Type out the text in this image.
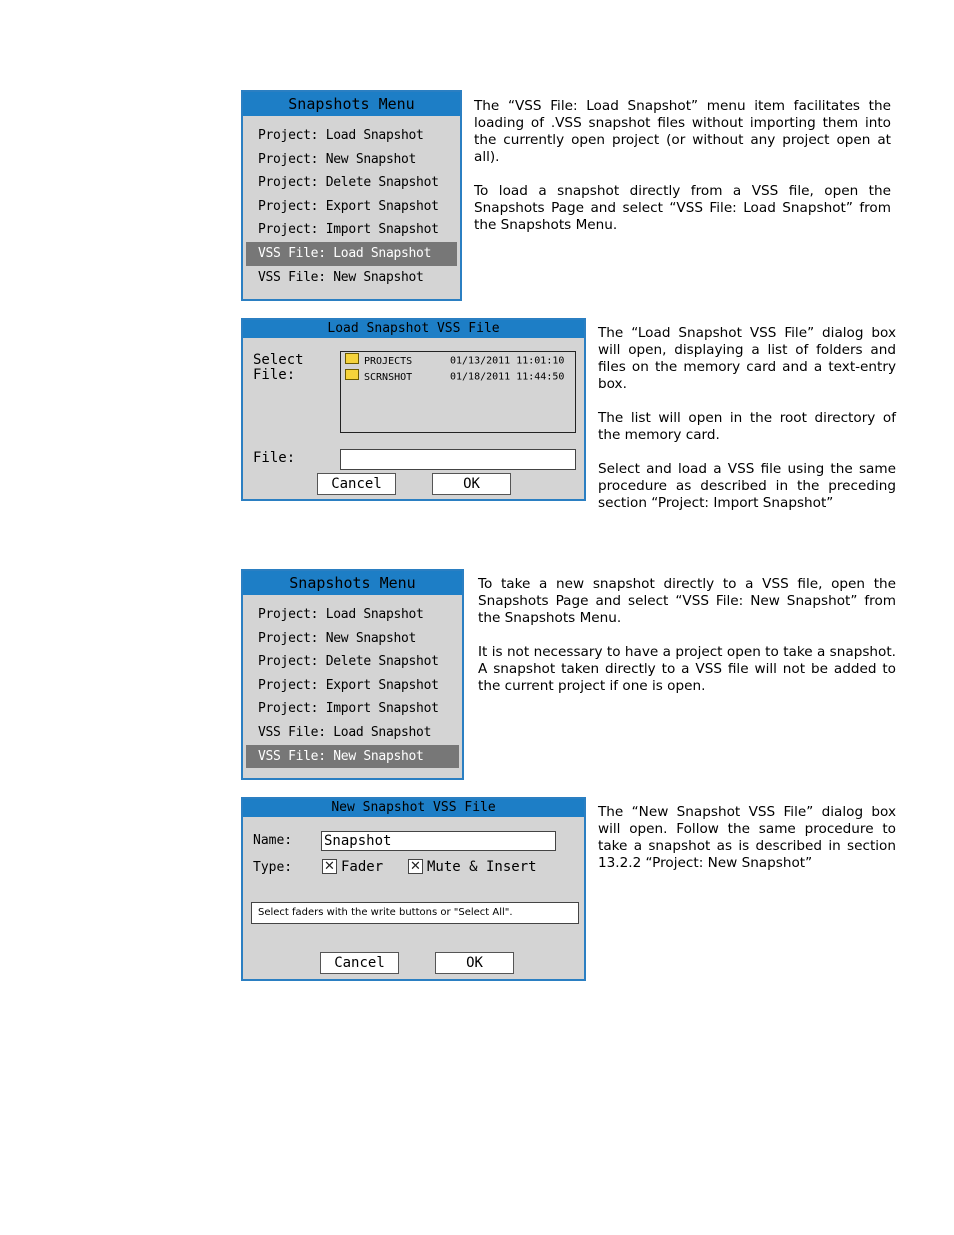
Snapshots Menu
Project: Load Snapshot
Project: New Snapshot
Project: Delete Snapshot
Project: Export Snapshot
Project: Import Snapshot
VSS File: Load Snapshot
VSS File: New Snapshot

The “VSS File: Load Snapshot” menu item facilitates the loading of .VSS snapshot files without importing them into the currently open project (or without any project open at all).

To load a snapshot directly from a VSS file, open the Snapshots Page and select “VSS File: Load Snapshot” from the Snapshots Menu.

Load Snapshot VSS File
Select
File:
PROJECTS	01/13/2011 11:01:10
SCRNSHOT	01/18/2011 11:44:50
File:
Cancel	OK

The “Load Snapshot VSS File” dialog box will open, displaying a list of folders and files on the memory card and a text-entry box.

The list will open in the root directory of the memory card.

Select and load a VSS file using the same procedure as described in the preceding section “Project: Import Snapshot”

Snapshots Menu
Project: Load Snapshot
Project: New Snapshot
Project: Delete Snapshot
Project: Export Snapshot
Project: Import Snapshot
VSS File: Load Snapshot
VSS File: New Snapshot

To take a new snapshot directly to a VSS file, open the Snapshots Page and select “VSS File: New Snapshot” from the Snapshots Menu.

It is not necessary to have a project open to take a snapshot. A snapshot taken directly to a VSS file will not be added to the current project if one is open.

New Snapshot VSS File
Name: Snapshot
Type: ✕ Fader ✕ Mute & Insert
Select faders with the write buttons or "Select All".
Cancel	OK

The “New Snapshot VSS File” dialog box will open. Follow the same procedure to take a snapshot as is described in section 13.2.2 “Project: New Snapshot”
